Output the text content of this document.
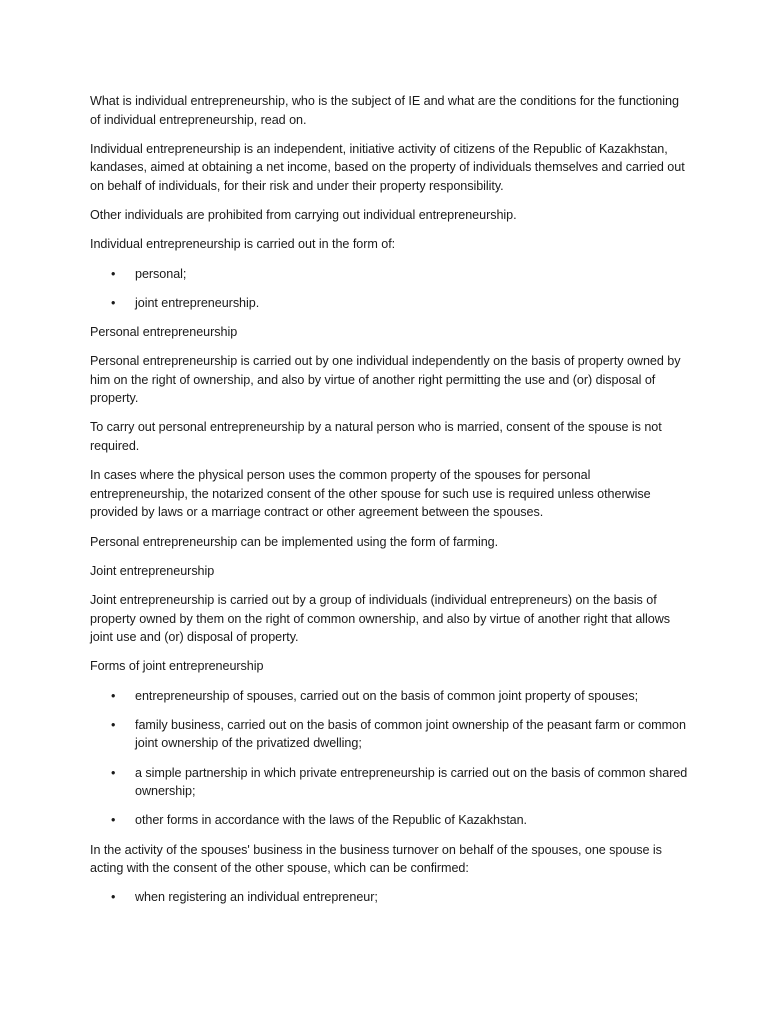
What is individual entrepreneurship, who is the subject of IE and what are the conditions for the functioning of individual entrepreneurship, read on.

Individual entrepreneurship is an independent, initiative activity of citizens of the Republic of Kazakhstan, kandases, aimed at obtaining a net income, based on the property of individuals themselves and carried out on behalf of individuals, for their risk and under their property responsibility.

Other individuals are prohibited from carrying out individual entrepreneurship.

Individual entrepreneurship is carried out in the form of:

• personal;
• joint entrepreneurship.

Personal entrepreneurship

Personal entrepreneurship is carried out by one individual independently on the basis of property owned by him on the right of ownership, and also by virtue of another right permitting the use and (or) disposal of property.

To carry out personal entrepreneurship by a natural person who is married, consent of the spouse is not required.

In cases where the physical person uses the common property of the spouses for personal entrepreneurship, the notarized consent of the other spouse for such use is required unless otherwise provided by laws or a marriage contract or other agreement between the spouses.

Personal entrepreneurship can be implemented using the form of farming.

Joint entrepreneurship

Joint entrepreneurship is carried out by a group of individuals (individual entrepreneurs) on the basis of property owned by them on the right of common ownership, and also by virtue of another right that allows joint use and (or) disposal of property.

Forms of joint entrepreneurship

• entrepreneurship of spouses, carried out on the basis of common joint property of spouses;
• family business, carried out on the basis of common joint ownership of the peasant farm or common joint ownership of the privatized dwelling;
• a simple partnership in which private entrepreneurship is carried out on the basis of common shared ownership;
• other forms in accordance with the laws of the Republic of Kazakhstan.

In the activity of the spouses' business in the business turnover on behalf of the spouses, one spouse is acting with the consent of the other spouse, which can be confirmed:

• when registering an individual entrepreneur;
